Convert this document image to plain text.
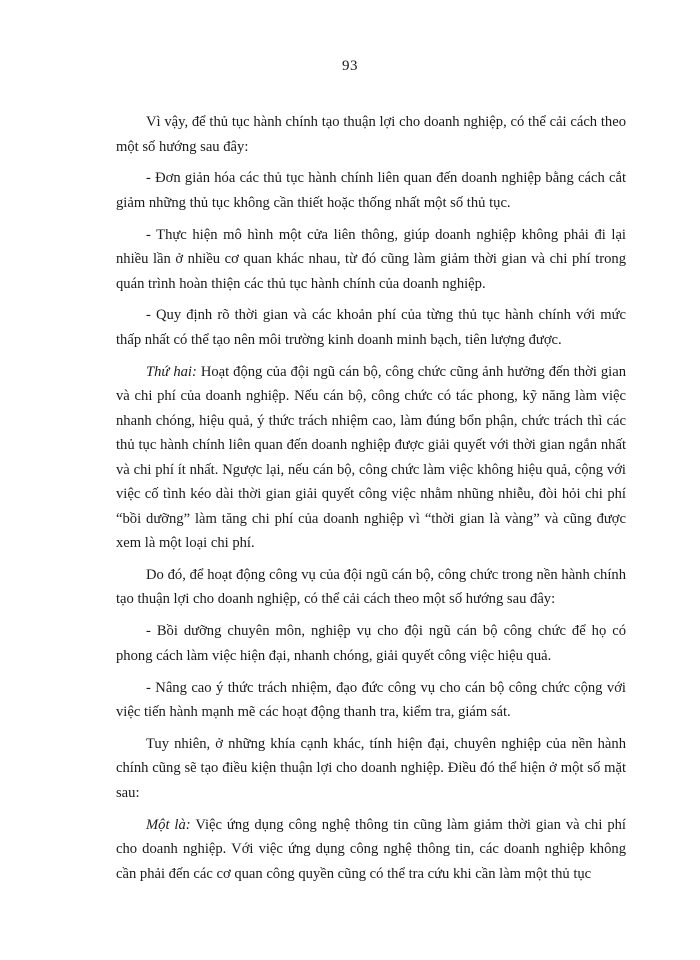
93

Vì vậy, để thủ tục hành chính tạo thuận lợi cho doanh nghiệp, có thể cải cách theo một số hướng sau đây:

- Đơn giản hóa các thủ tục hành chính liên quan đến doanh nghiệp bằng cách cắt giảm những thủ tục không cần thiết hoặc thống nhất một số thủ tục.

- Thực hiện mô hình một cửa liên thông, giúp doanh nghiệp không phải đi lại nhiều lần ở nhiều cơ quan khác nhau, từ đó cũng làm giảm thời gian và chi phí trong quán trình hoàn thiện các thủ tục hành chính của doanh nghiệp.

- Quy định rõ thời gian và các khoản phí của từng thủ tục hành chính với mức thấp nhất có thể tạo nên môi trường kinh doanh minh bạch, tiên lượng được.

Thứ hai: Hoạt động của đội ngũ cán bộ, công chức cũng ảnh hưởng đến thời gian và chi phí của doanh nghiệp. Nếu cán bộ, công chức có tác phong, kỹ năng làm việc nhanh chóng, hiệu quả, ý thức trách nhiệm cao, làm đúng bổn phận, chức trách thì các thủ tục hành chính liên quan đến doanh nghiệp được giải quyết với thời gian ngắn nhất và chi phí ít nhất. Ngược lại, nếu cán bộ, công chức làm việc không hiệu quả, cộng với việc cố tình kéo dài thời gian giải quyết công việc nhằm nhũng nhiễu, đòi hỏi chi phí “bồi dưỡng” làm tăng chi phí của doanh nghiệp vì “thời gian là vàng” và cũng được xem là một loại chi phí.

Do đó, để hoạt động công vụ của đội ngũ cán bộ, công chức trong nền hành chính tạo thuận lợi cho doanh nghiệp, có thể cải cách theo một số hướng sau đây:

- Bồi dưỡng chuyên môn, nghiệp vụ cho đội ngũ cán bộ công chức để họ có phong cách làm việc hiện đại, nhanh chóng, giải quyết công việc hiệu quả.

- Nâng cao ý thức trách nhiệm, đạo đức công vụ cho cán bộ công chức cộng với việc tiến hành mạnh mẽ các hoạt động thanh tra, kiểm tra, giám sát.

Tuy nhiên, ở những khía cạnh khác, tính hiện đại, chuyên nghiệp của nền hành chính cũng sẽ tạo điều kiện thuận lợi cho doanh nghiệp. Điều đó thể hiện ở một số mặt sau:

Một là: Việc ứng dụng công nghệ thông tin cũng làm giảm thời gian và chi phí cho doanh nghiệp. Với việc ứng dụng công nghệ thông tin, các doanh nghiệp không cần phải đến các cơ quan công quyền cũng có thể tra cứu khi cần làm một thủ tục
